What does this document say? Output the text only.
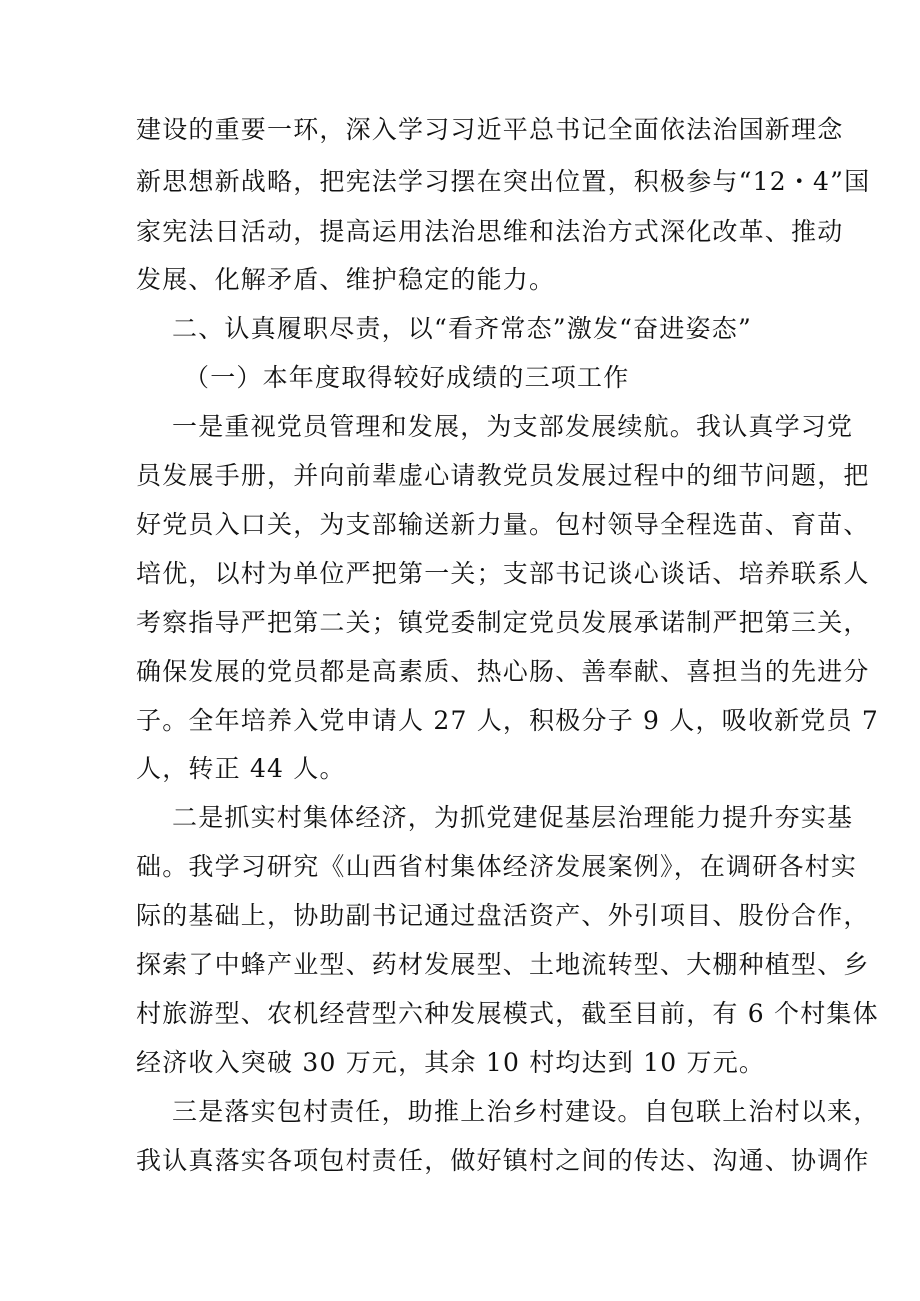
建设的重要一环，深入学习习近平总书记全面依法治国新理念
新思想新战略，把宪法学习摆在突出位置，积极参与“12・4”国
家宪法日活动，提高运用法治思维和法治方式深化改革、推动
发展、化解矛盾、维护稳定的能力。
二、认真履职尽责，以“看齐常态”激发“奋进姿态”
（一）本年度取得较好成绩的三项工作
一是重视党员管理和发展，为支部发展续航。我认真学习党
员发展手册，并向前辈虚心请教党员发展过程中的细节问题，把
好党员入口关，为支部输送新力量。包村领导全程选苗、育苗、
培优，以村为单位严把第一关；支部书记谈心谈话、培养联系人
考察指导严把第二关；镇党委制定党员发展承诺制严把第三关，
确保发展的党员都是高素质、热心肠、善奉献、喜担当的先进分
子。全年培养入党申请人 27 人，积极分子 9 人，吸收新党员 7
人，转正 44 人。
二是抓实村集体经济，为抓党建促基层治理能力提升夯实基
础。我学习研究《山西省村集体经济发展案例》，在调研各村实
际的基础上，协助副书记通过盘活资产、外引项目、股份合作，
探索了中蜂产业型、药材发展型、土地流转型、大棚种植型、乡
村旅游型、农机经营型六种发展模式，截至目前，有 6 个村集体
经济收入突破 30 万元，其余 10 村均达到 10 万元。
三是落实包村责任，助推上治乡村建设。自包联上治村以来，
我认真落实各项包村责任，做好镇村之间的传达、沟通、协调作
